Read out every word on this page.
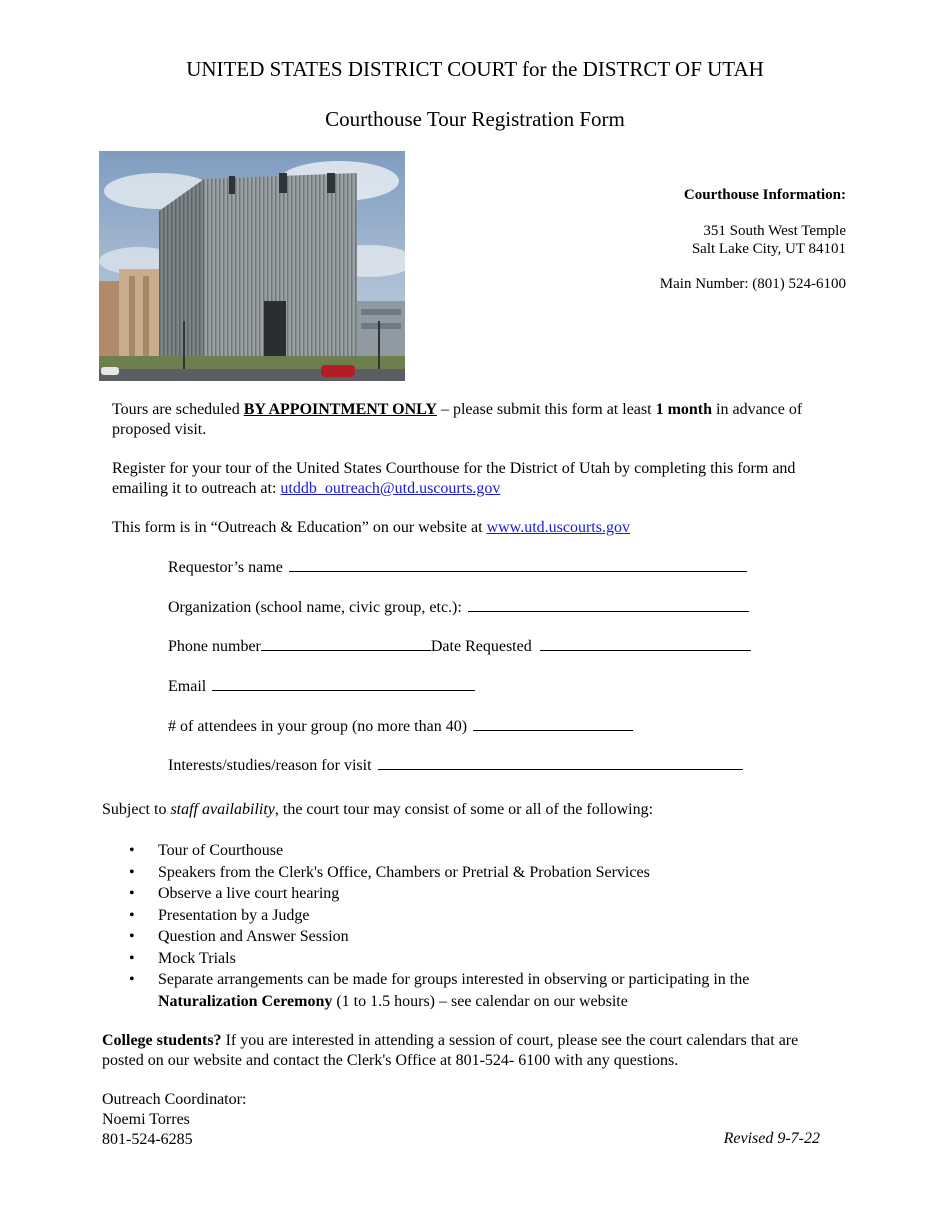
UNITED STATES DISTRICT COURT for the DISTRCT OF UTAH
Courthouse Tour Registration Form
Courthouse Information:
351 South West Temple
Salt Lake City, UT 84101
Main Number: (801) 524-6100

Tours are scheduled BY APPOINTMENT ONLY – please submit this form at least 1 month in advance of proposed visit.

Register for your tour of the United States Courthouse for the District of Utah by completing this form and emailing it to outreach at: utddb_outreach@utd.uscourts.gov

This form is in “Outreach & Education” on our website at www.utd.uscourts.gov

Requestor’s name
Organization (school name, civic group, etc.):
Phone number	Date Requested
Email
# of attendees in your group (no more than 40)
Interests/studies/reason for visit

Subject to staff availability, the court tour may consist of some or all of the following:

• Tour of Courthouse
• Speakers from the Clerk's Office, Chambers or Pretrial & Probation Services
• Observe a live court hearing
• Presentation by a Judge
• Question and Answer Session
• Mock Trials
• Separate arrangements can be made for groups interested in observing or participating in the Naturalization Ceremony (1 to 1.5 hours) – see calendar on our website

College students? If you are interested in attending a session of court, please see the court calendars that are posted on our website and contact the Clerk's Office at 801-524- 6100 with any questions.

Outreach Coordinator:
Noemi Torres
801-524-6285	Revised 9-7-22
